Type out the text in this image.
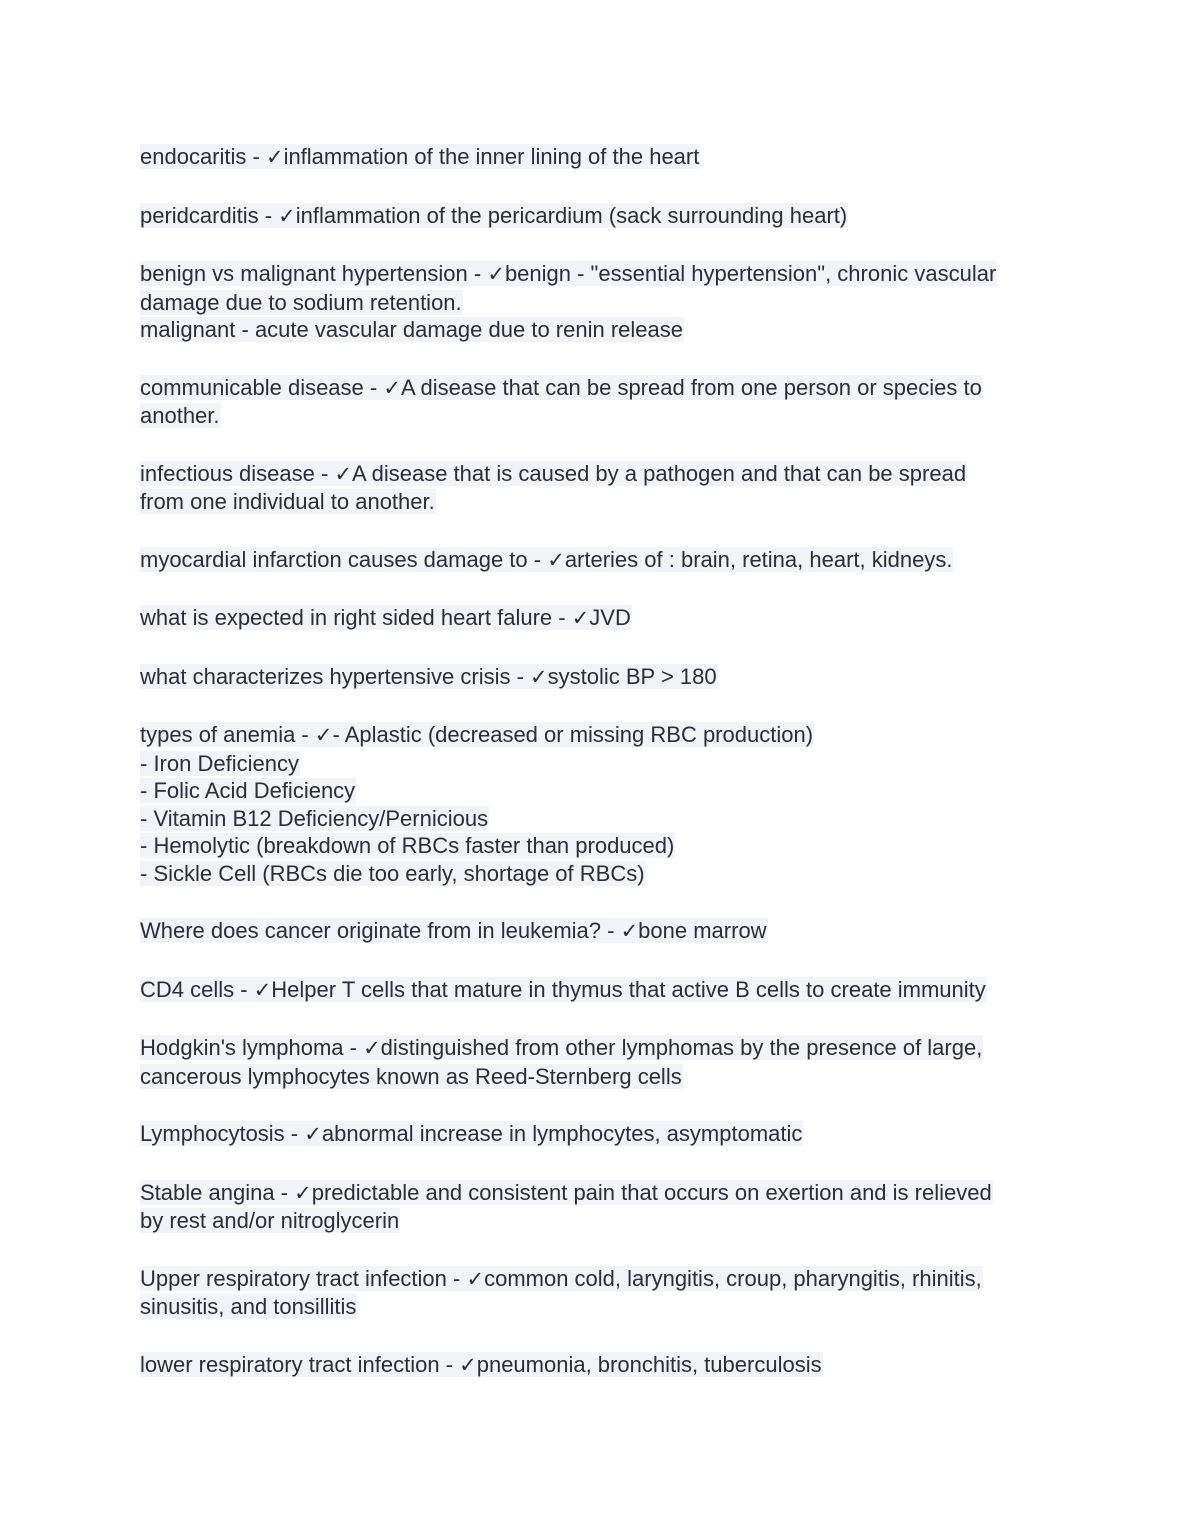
endocaritis - ✓inflammation of the inner lining of the heart
peridcarditis - ✓inflammation of the pericardium (sack surrounding heart)
benign vs malignant hypertension - ✓benign - "essential hypertension", chronic vascular
damage due to sodium retention.
malignant - acute vascular damage due to renin release
communicable disease - ✓A disease that can be spread from one person or species to
another.
infectious disease - ✓A disease that is caused by a pathogen and that can be spread
from one individual to another.
myocardial infarction causes damage to - ✓arteries of : brain, retina, heart, kidneys.
what is expected in right sided heart falure - ✓JVD
what characterizes hypertensive crisis - ✓systolic BP > 180
types of anemia - ✓- Aplastic (decreased or missing RBC production)
- Iron Deficiency
- Folic Acid Deficiency
- Vitamin B12 Deficiency/Pernicious
- Hemolytic (breakdown of RBCs faster than produced)
- Sickle Cell (RBCs die too early, shortage of RBCs)
Where does cancer originate from in leukemia? - ✓bone marrow
CD4 cells - ✓Helper T cells that mature in thymus that active B cells to create immunity
Hodgkin's lymphoma - ✓distinguished from other lymphomas by the presence of large,
cancerous lymphocytes known as Reed-Sternberg cells
Lymphocytosis - ✓abnormal increase in lymphocytes, asymptomatic
Stable angina - ✓predictable and consistent pain that occurs on exertion and is relieved
by rest and/or nitroglycerin
Upper respiratory tract infection - ✓common cold, laryngitis, croup, pharyngitis, rhinitis,
sinusitis, and tonsillitis
lower respiratory tract infection - ✓pneumonia, bronchitis, tuberculosis
